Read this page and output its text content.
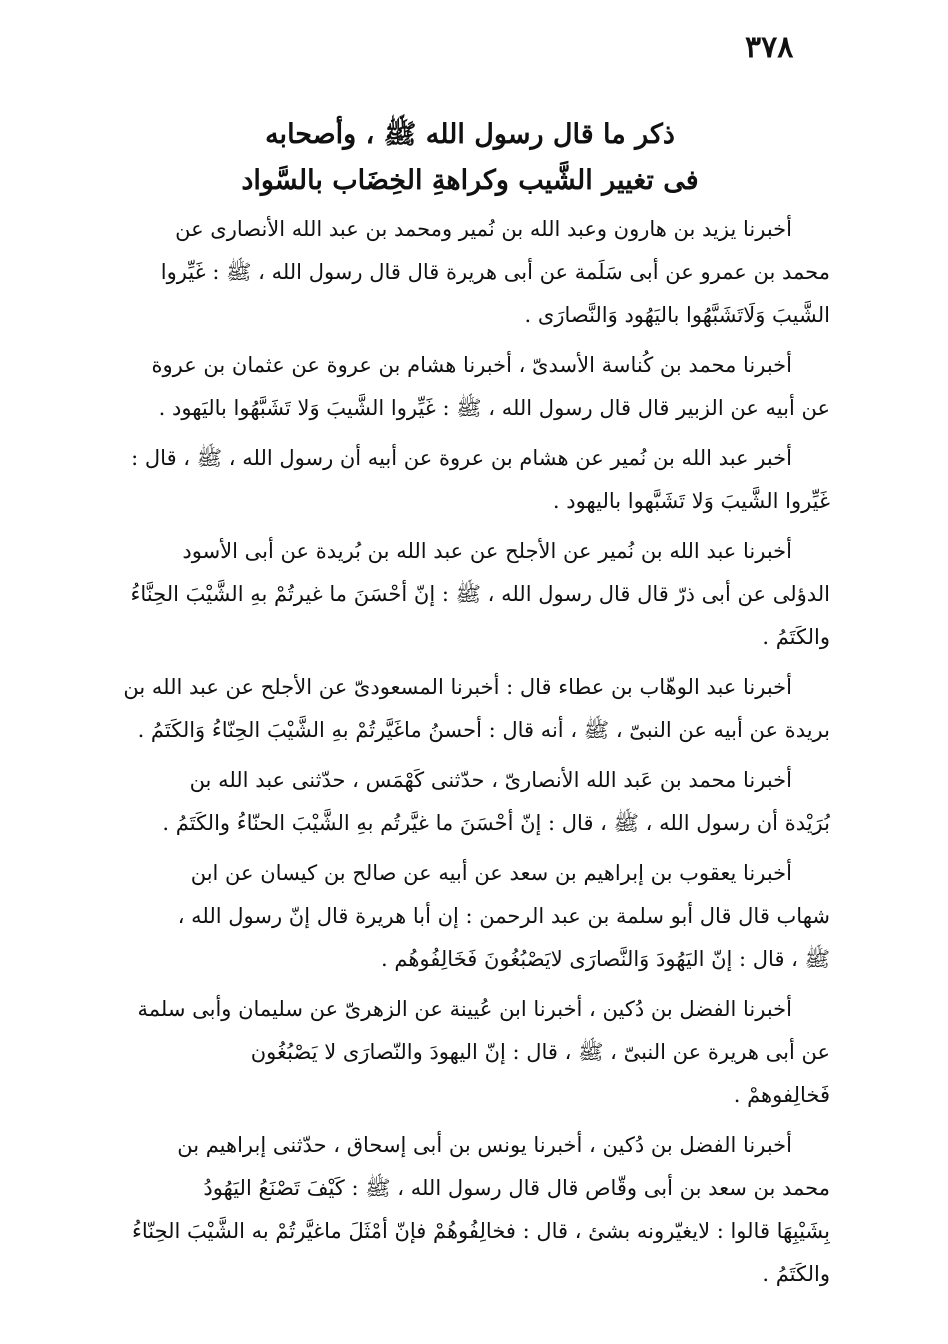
٣٧٨
ذكر ما قال رسول الله ﷺ ، وأصحابه
فى تغيير الشَّيب وكراهةِ الخِضَاب بالسَّواد
أخبرنا يزيد بن هارون وعبد الله بن نُمير ومحمد بن عبد الله الأنصارى عن
محمد بن عمرو عن أبى سَلَمة عن أبى هريرة قال قال رسول الله ، ﷺ : غَيِّروا
الشَّيبَ وَلَاتَشَبَّهُوا باليَهُود وَالنَّصارَى .
أخبرنا محمد بن كُناسة الأسدىّ ، أخبرنا هشام بن عروة عن عثمان بن عروة
عن أبيه عن الزبير قال قال رسول الله ، ﷺ : غَيِّروا الشَّيبَ وَلا تَشَبَّهُوا باليَهود .
أخبر عبد الله بن نُمير عن هشام بن عروة عن أبيه أن رسول الله ، ﷺ ، قال :
غَيِّروا الشَّيبَ وَلا تَشَبَّهوا باليهود .
أخبرنا عبد الله بن نُمير عن الأجلح عن عبد الله بن بُريدة عن أبى الأسود
الدؤلى عن أبى ذرّ قال قال رسول الله ، ﷺ : إنّ أحْسَنَ ما غيرتُمْ بهِ الشَّيْبَ الحِنَّاءُ
والكَتَمُ .
أخبرنا عبد الوهّاب بن عطاء قال : أخبرنا المسعودىّ عن الأجلح عن عبد الله بن
بريدة عن أبيه عن النبىّ ، ﷺ ، أنه قال : أحسنُ ماغَيَّرتُمْ بهِ الشَّيْبَ الحِنّاءُ وَالكَتَمُ .
أخبرنا محمد بن عَبد الله الأنصارىّ ، حدّثنى كَهْمَس ، حدّثنى عبد الله بن
بُرَيْدة أن رسول الله ، ﷺ ، قال : إنّ أحْسَنَ ما غيَّرتُم بهِ الشَّيْبَ الحنّاءُ والكَتَمُ .
أخبرنا يعقوب بن إبراهيم بن سعد عن أبيه عن صالح بن كيسان عن ابن
شهاب قال قال أبو سلمة بن عبد الرحمن : إن أبا هريرة قال إنّ رسول الله ،
ﷺ ، قال : إنّ اليَهُودَ وَالنَّصارَى لايَصْبُغُونَ فَخَالِفُوهُم .
أخبرنا الفضل بن دُكين ، أخبرنا ابن عُيينة عن الزهرىّ عن سليمان وأبى سلمة
عن أبى هريرة عن النبىّ ، ﷺ ، قال : إنّ اليهودَ والنّصارَى لا يَصْبُغُون
فَخالِفوهمْ .
أخبرنا الفضل بن دُكين ، أخبرنا يونس بن أبى إسحاق ، حدّثنى إبراهيم بن
محمد بن سعد بن أبى وقّاص قال قال رسول الله ، ﷺ : كَيْفَ تَصْنَعُ اليَهُودُ
بِشَيْبِهَا قالوا : لايغيّرونه بشئ ، قال : فخالِفُوهُمْ فإنّ أمْثَلَ ماغيَّرتُمْ به الشَّيْبَ الحِنّاءُ
والكَتَمُ .
